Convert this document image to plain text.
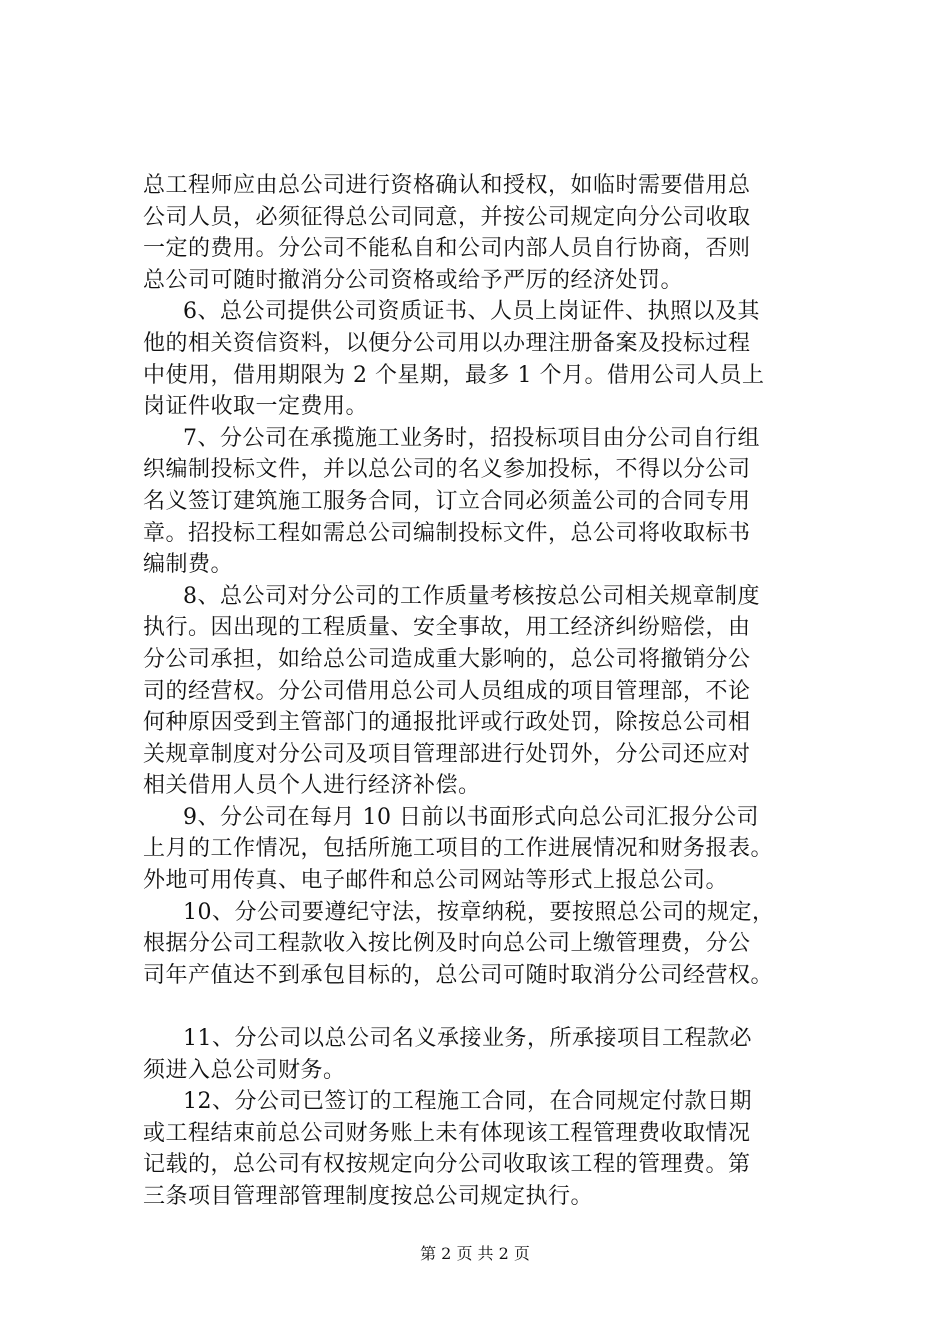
总工程师应由总公司进行资格确认和授权，如临时需要借用总
公司人员，必须征得总公司同意，并按公司规定向分公司收取
一定的费用。分公司不能私自和公司内部人员自行协商，否则
总公司可随时撤消分公司资格或给予严厉的经济处罚。
6、总公司提供公司资质证书、人员上岗证件、执照以及其
他的相关资信资料，以便分公司用以办理注册备案及投标过程
中使用，借用期限为 2 个星期，最多 1 个月。借用公司人员上
岗证件收取一定费用。
7、分公司在承揽施工业务时，招投标项目由分公司自行组
织编制投标文件，并以总公司的名义参加投标，不得以分公司
名义签订建筑施工服务合同，订立合同必须盖公司的合同专用
章。招投标工程如需总公司编制投标文件，总公司将收取标书
编制费。
8、总公司对分公司的工作质量考核按总公司相关规章制度
执行。因出现的工程质量、安全事故，用工经济纠纷赔偿，由
分公司承担，如给总公司造成重大影响的，总公司将撤销分公
司的经营权。分公司借用总公司人员组成的项目管理部，不论
何种原因受到主管部门的通报批评或行政处罚，除按总公司相
关规章制度对分公司及项目管理部进行处罚外，分公司还应对
相关借用人员个人进行经济补偿。
9、分公司在每月 10 日前以书面形式向总公司汇报分公司
上月的工作情况，包括所施工项目的工作进展情况和财务报表。
外地可用传真、电子邮件和总公司网站等形式上报总公司。
10、分公司要遵纪守法，按章纳税，要按照总公司的规定，
根据分公司工程款收入按比例及时向总公司上缴管理费，分公
司年产值达不到承包目标的，总公司可随时取消分公司经营权。
11、分公司以总公司名义承接业务，所承接项目工程款必
须进入总公司财务。
12、分公司已签订的工程施工合同，在合同规定付款日期
或工程结束前总公司财务账上未有体现该工程管理费收取情况
记载的，总公司有权按规定向分公司收取该工程的管理费。第
三条项目管理部管理制度按总公司规定执行。
第 2 页 共 2 页
